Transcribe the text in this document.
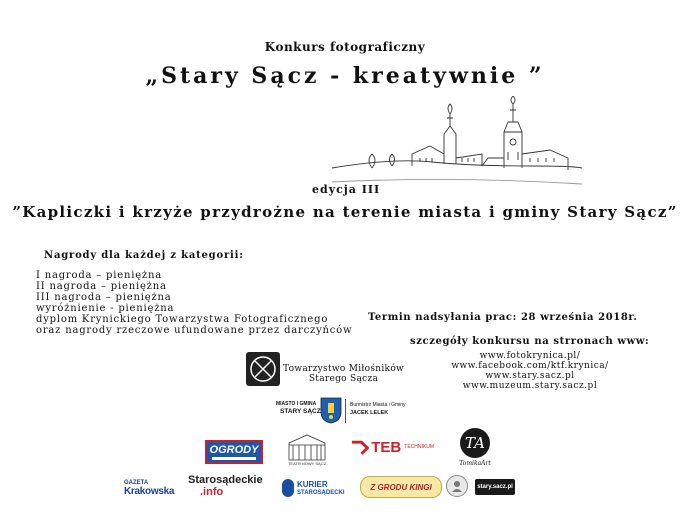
Konkurs fotograficzny
„Stary Sącz - kreatywnie ”
edycja III
”Kapliczki i krzyże przydrożne na terenie miasta i gminy Stary Sącz”
Nagrody dla każdej z kategorii:
I nagroda – pieniężna
II nagroda – pieniężna
III nagroda – pieniężna
wyróżnienie - pieniężna
dyplom Krynickiego Towarzystwa Fotograficznego
oraz nagrody rzeczowe ufundowane przez darczyńców
Termin nadsyłania prac: 28 września 2018r.
szczegóły konkursu na strronach www:
www.fotokrynica.pl/
www.facebook.com/ktf.krynica/
www.stary.sacz.pl
www.muzeum.stary.sacz.pl
Towarzystwo Miłośników
Starego Sącza
MIASTO I GMINA
STARY SĄCZ
Burmistrz Miasta i Gminy
JACEK LELEK
OGRODY
TEATR NOWY SĄCZ
TEB TECHNIKUM	TA
TomikaArt
GAZETA
Krakowska
Starosądeckie
.info
KURIER
STAROSĄDECKI
Z GRODU KINGI	stary.sacz.pl
